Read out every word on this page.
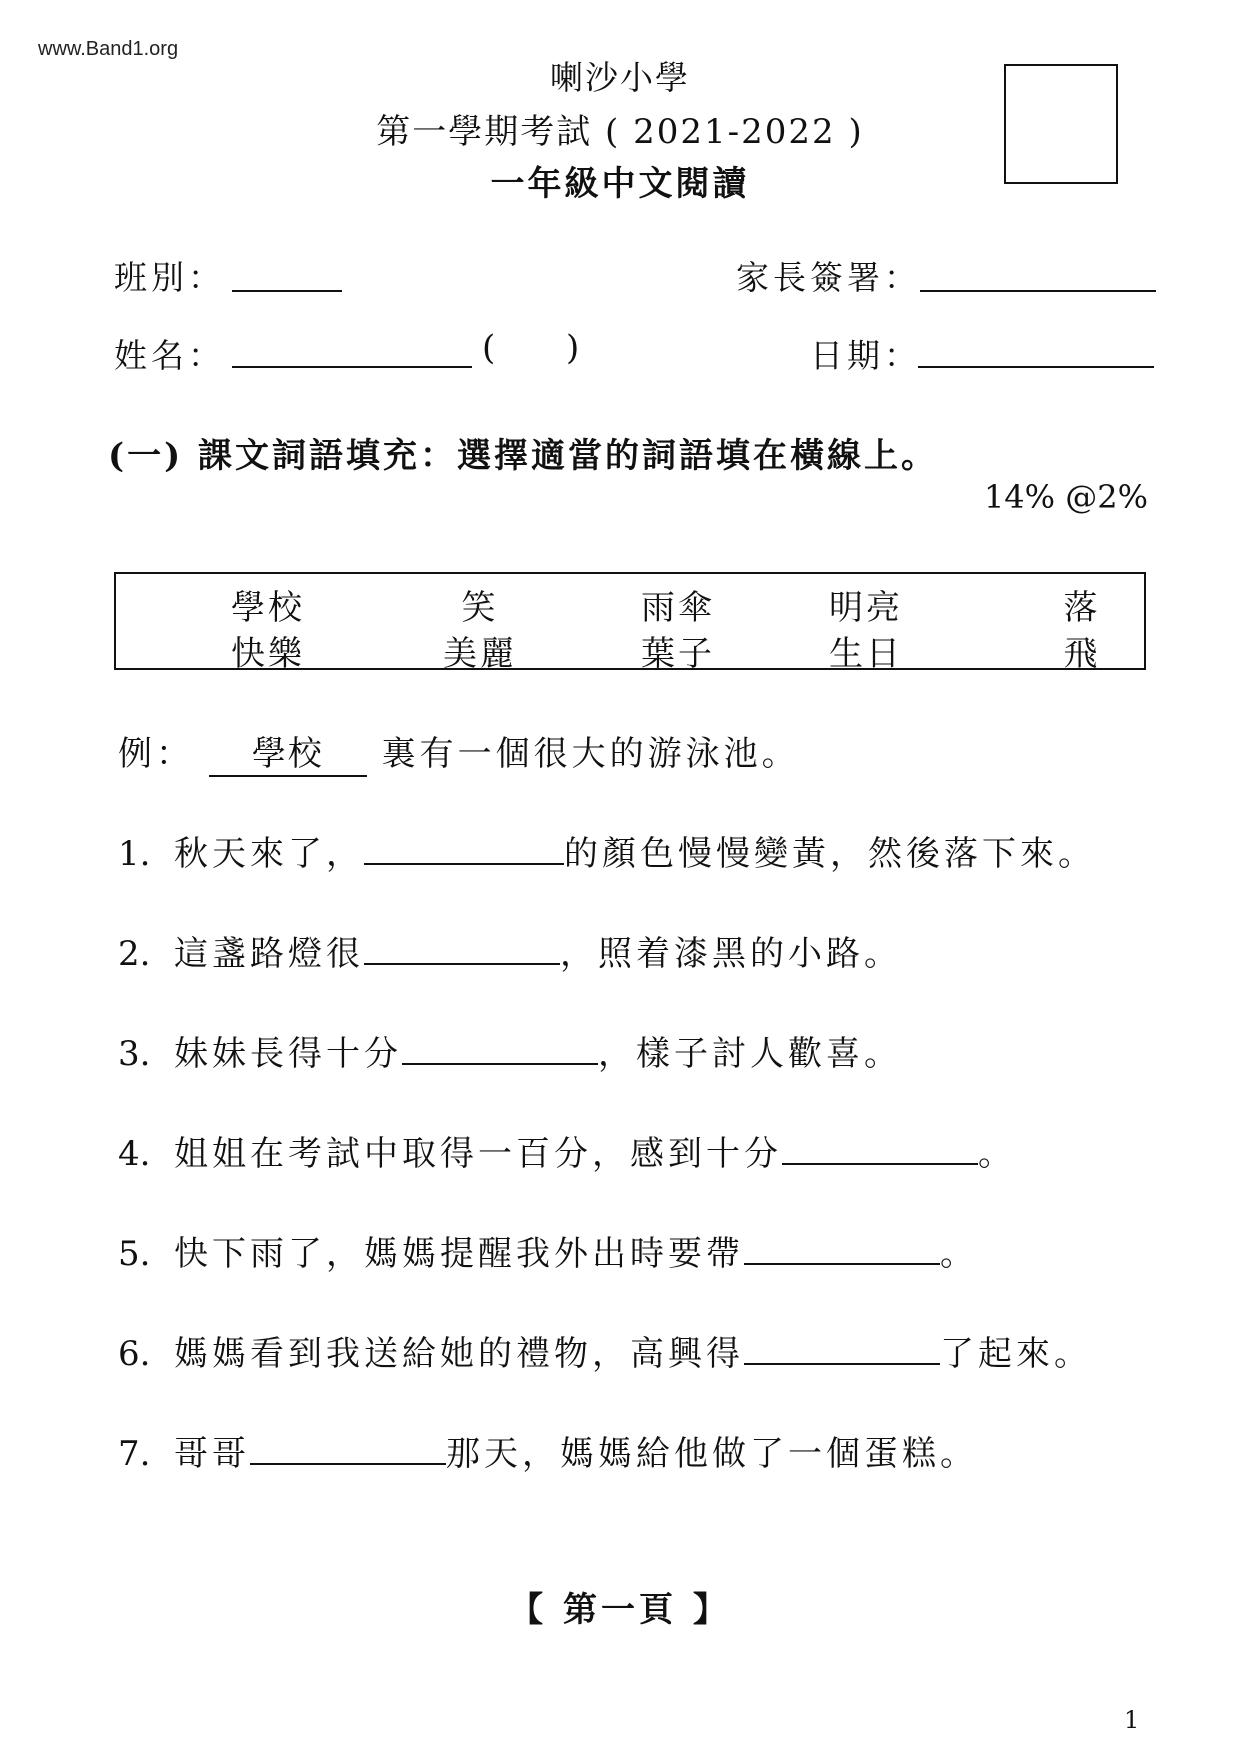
www.Band1.org
喇沙小學
第一學期考試 ( 2021-2022 )
一年級中文閱讀
班別：	家長簽署：
姓名：	( )	日期：
(一) 課文詞語填充：選擇適當的詞語填在橫線上。
14% @2%
學校	笑	雨傘	明亮	落
快樂	美麗	葉子	生日	飛
例： 學校 裏有一個很大的游泳池。
1. 秋天來了，	的顏色慢慢變黃，然後落下來。
2. 這盞路燈很	，照着漆黑的小路。
3. 妹妹長得十分	，樣子討人歡喜。
4. 姐姐在考試中取得一百分，感到十分	。
5. 快下雨了，媽媽提醒我外出時要帶	。
6. 媽媽看到我送給她的禮物，高興得	了起來。
7. 哥哥	那天，媽媽給他做了一個蛋糕。
【 第一頁 】
1
